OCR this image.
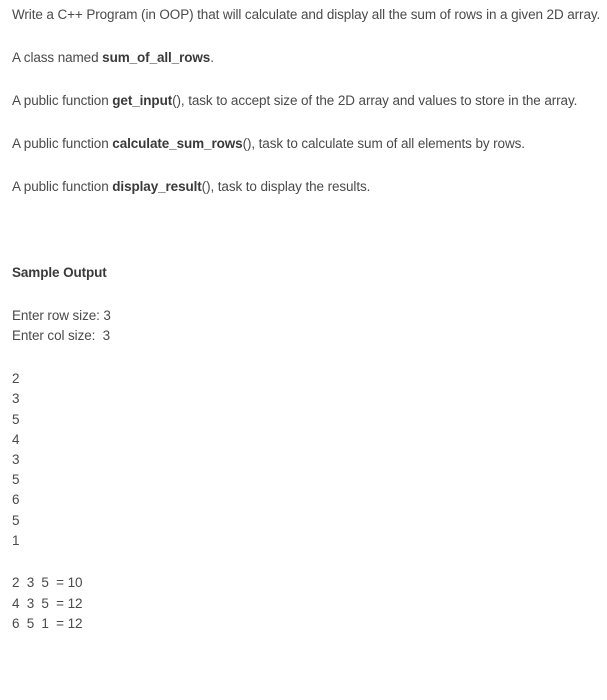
Write a C++ Program (in OOP) that will calculate and display all the sum of rows in a given 2D array.
A class named sum_of_all_rows.
A public function get_input(), task to accept size of the 2D array and values to store in the array.
A public function calculate_sum_rows(), task to calculate sum of all elements by rows.
A public function display_result(), task to display the results.
Sample Output
Enter row size: 3
Enter col size:  3
2
3
5
4
3
5
6
5
1
2  3  5  = 10
4  3  5  = 12
6  5  1  = 12
